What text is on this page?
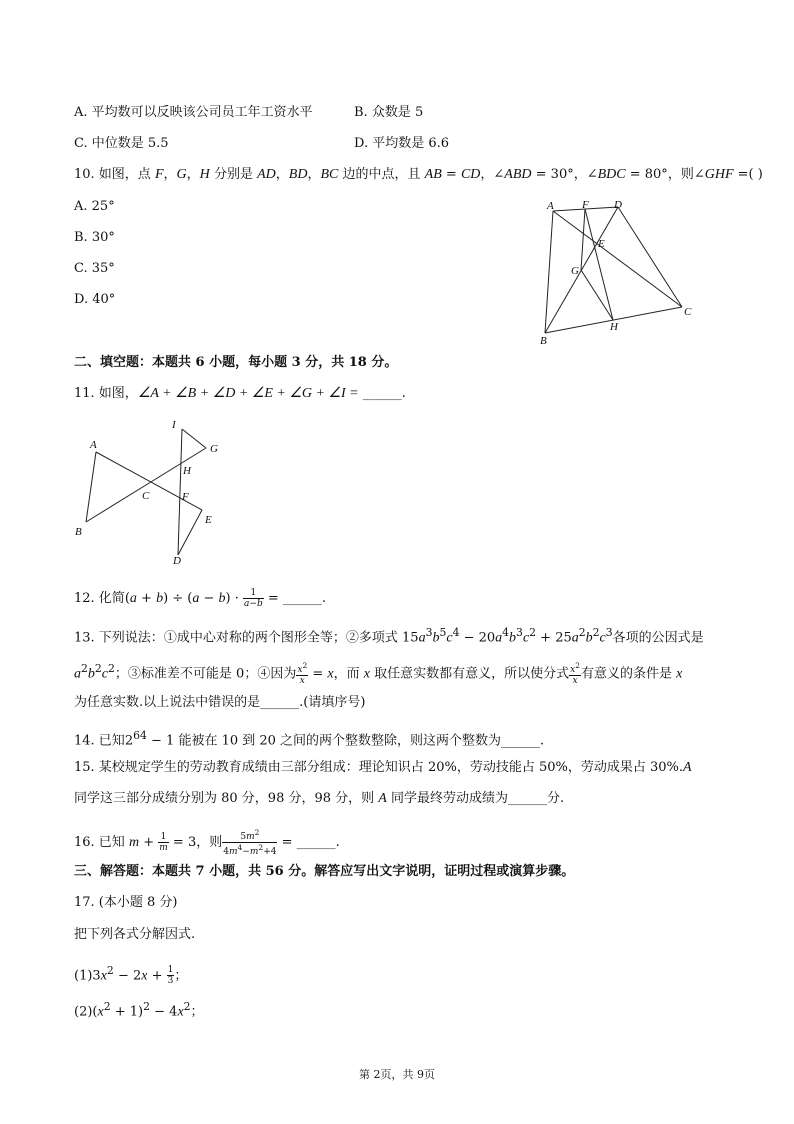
A. 平均数可以反映该公司员工年工资水平	B. 众数是 5
C. 中位数是 5.5	D. 平均数是 6.6
10. 如图，点 F，G，H 分别是 AD，BD，BC 边的中点，且 AB = CD，∠ABD = 30°，∠BDC = 80°，则∠GHF =( )
A. 25°
B. 30°
C. 35°
D. 40°
A	F D
E
G
B
H
C
二、填空题：本题共 6 小题，每小题 3 分，共 18 分。
11. 如图，∠A + ∠B + ∠D + ∠E + ∠G + ∠I = ______.
I
A	G
H
C	F
E
B
D
12. 化简$(a + b) \div (a - b) \cdot \frac{1}{a-b}$ = ______.
13. 下列说法：①成中心对称的两个图形全等；②多项式 $15a^3b^5c^4 - 20a^4b^3c^2 + 25a^2b^2c^3$各项的公因式是
$a^2b^2c^2$；③标准差不可能是 0；④因为 $\frac{x^2}{x} = x$，而 x 取任意实数都有意义，所以使分式 $\frac{x^2}{x}$ 有意义的条件是 x
为任意实数.以上说法中错误的是______.(请填序号)
14. 已知$2^{64} - 1$ 能被在 10 到 20 之间的两个整数整除，则这两个整数为______.
15. 某校规定学生的劳动教育成绩由三部分组成：理论知识占 20%，劳动技能占 50%，劳动成果占 30%.A
同学这三部分成绩分别为 80 分，98 分，98 分，则 A 同学最终劳动成绩为______分.
16. 已知 $m + \frac{1}{m} = 3$，则 $\frac{5m^2}{4m^4-m^2+4}$ = ______.
三、解答题：本题共 7 小题，共 56 分。解答应写出文字说明，证明过程或演算步骤。
17. (本小题 8 分)
把下列各式分解因式.
$(1)3x^2 - 2x + \frac{1}{3}$ ；
$(2)(x^2 + 1)^2 - 4x^2$；
第 2页，共 9页
